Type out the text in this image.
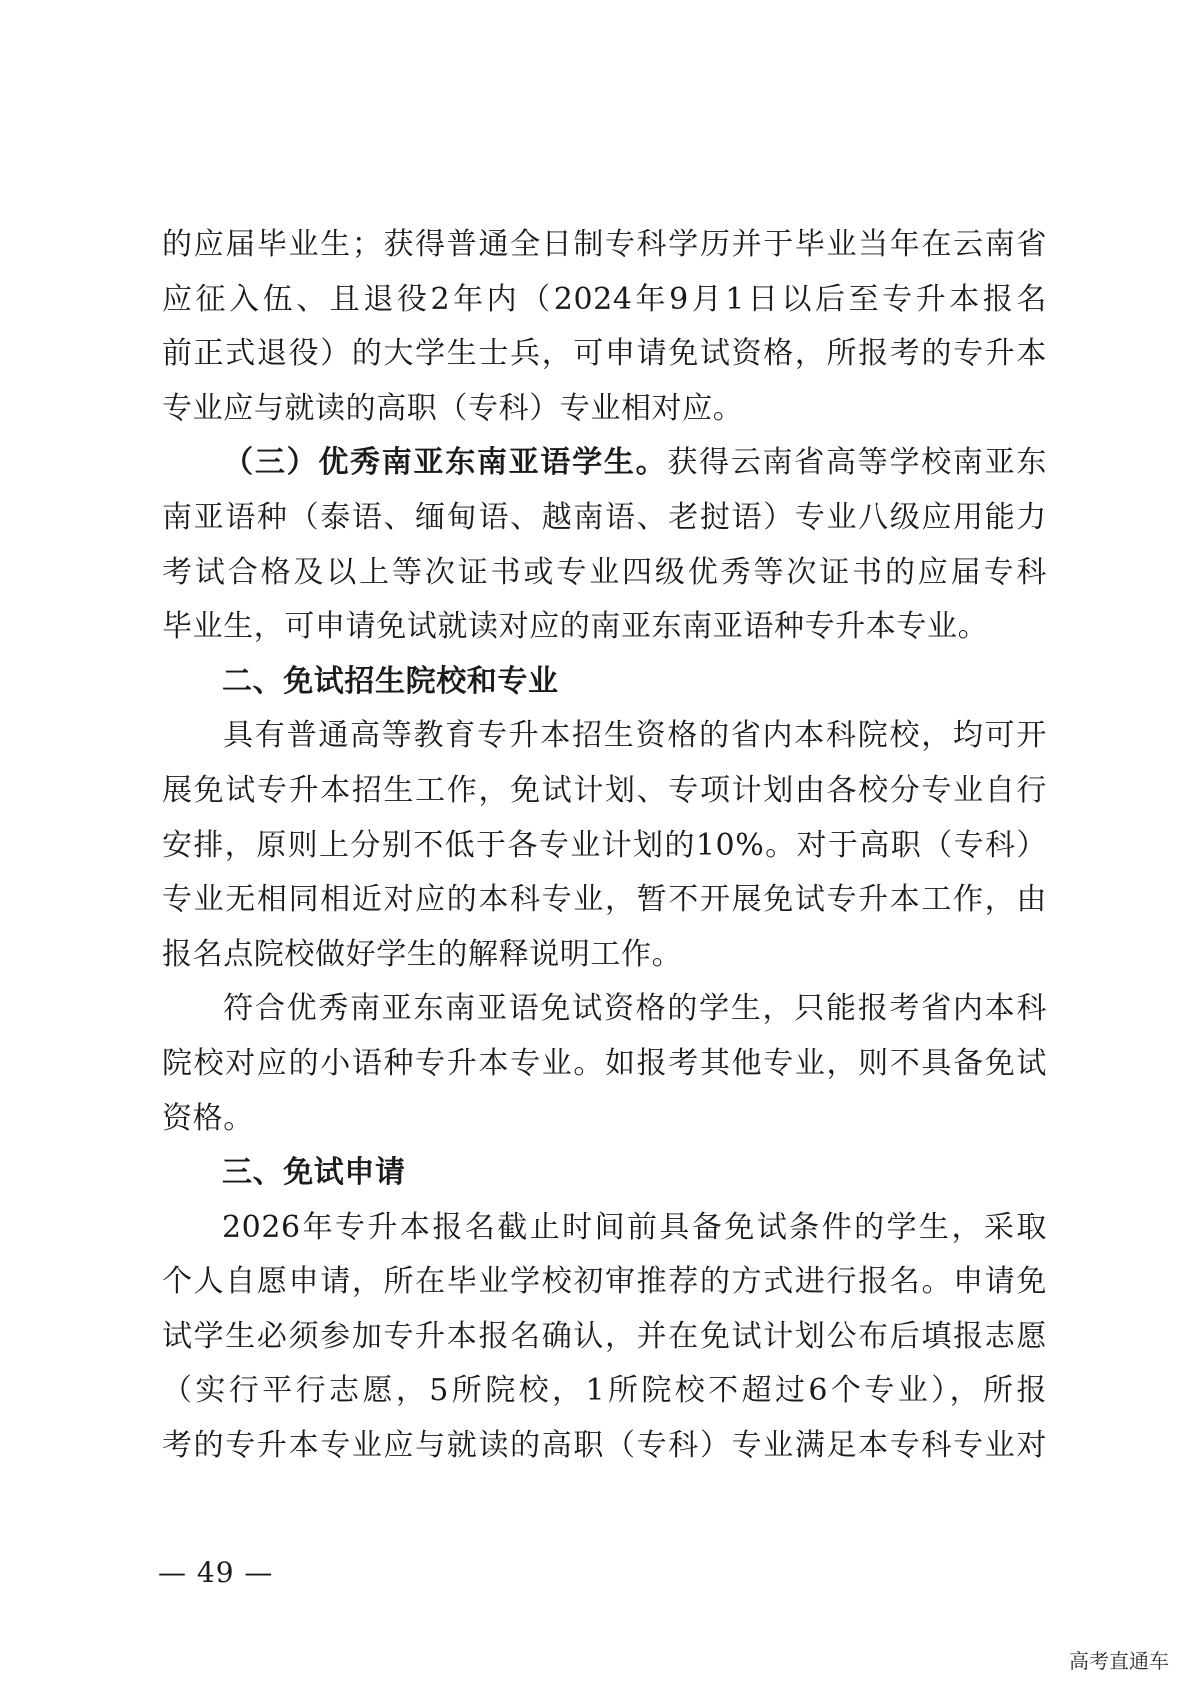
的应届毕业生；获得普通全日制专科学历并于毕业当年在云南省
应征入伍、且退役2年内（2024年9月1日以后至专升本报名
前正式退役）的大学生士兵，可申请免试资格，所报考的专升本
专业应与就读的高职（专科）专业相对应。

（三）优秀南亚东南亚语学生。获得云南省高等学校南亚东
南亚语种（泰语、缅甸语、越南语、老挝语）专业八级应用能力
考试合格及以上等次证书或专业四级优秀等次证书的应届专科
毕业生，可申请免试就读对应的南亚东南亚语种专升本专业。

二、免试招生院校和专业

具有普通高等教育专升本招生资格的省内本科院校，均可开
展免试专升本招生工作，免试计划、专项计划由各校分专业自行
安排，原则上分别不低于各专业计划的10%。对于高职（专科）
专业无相同相近对应的本科专业，暂不开展免试专升本工作，由
报名点院校做好学生的解释说明工作。

符合优秀南亚东南亚语免试资格的学生，只能报考省内本科
院校对应的小语种专升本专业。如报考其他专业，则不具备免试
资格。

三、免试申请

2026年专升本报名截止时间前具备免试条件的学生，采取
个人自愿申请，所在毕业学校初审推荐的方式进行报名。申请免
试学生必须参加专升本报名确认，并在免试计划公布后填报志愿
（实行平行志愿，5所院校，1所院校不超过6个专业），所报
考的专升本专业应与就读的高职（专科）专业满足本专科专业对

— 49 —
高考直通车
